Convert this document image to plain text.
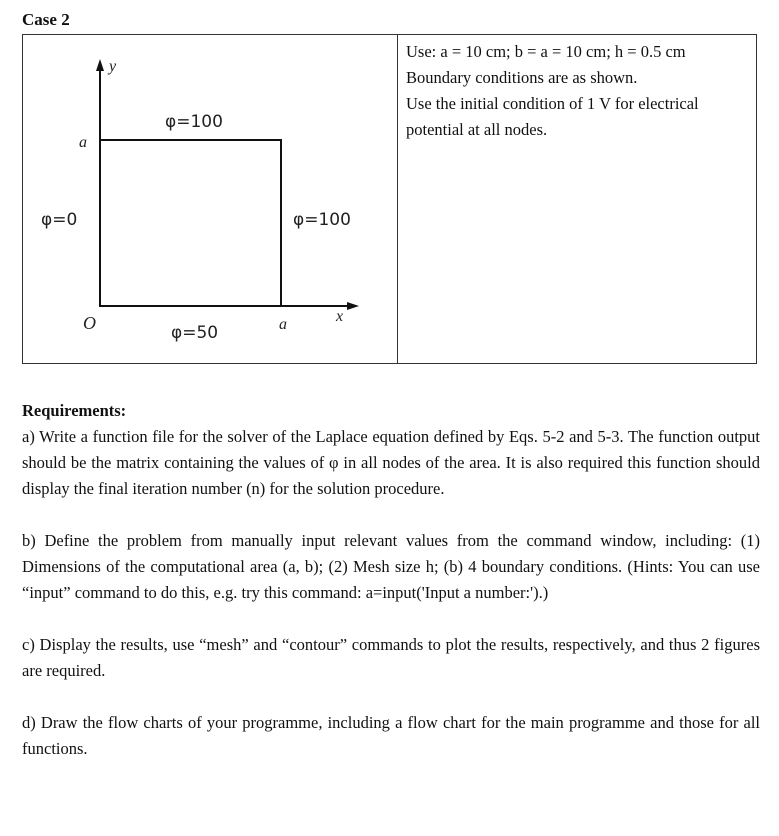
Case 2
y
a
a	x
O
φ=100
φ=0	φ=100
φ=50

Use: a = 10 cm; b = a = 10 cm; h = 0.5 cm

Boundary conditions are as shown.

Use the initial condition of 1 V for electrical

potential at all nodes.

Requirements:

a) Write a function file for the solver of the Laplace equation defined by Eqs. 5-2 and 5-3. The function output should be the matrix containing the values of φ in all nodes of the area. It is also required this function should display the final iteration number (n) for the solution procedure.

b) Define the problem from manually input relevant values from the command window, including: (1) Dimensions of the computational area (a, b); (2) Mesh size h; (b) 4 boundary conditions. (Hints: You can use “input” command to do this, e.g. try this command: a=input('Input a number:').)

c) Display the results, use “mesh” and “contour” commands to plot the results, respectively, and thus 2 figures are required.

d) Draw the flow charts of your programme, including a flow chart for the main programme and those for all functions.
